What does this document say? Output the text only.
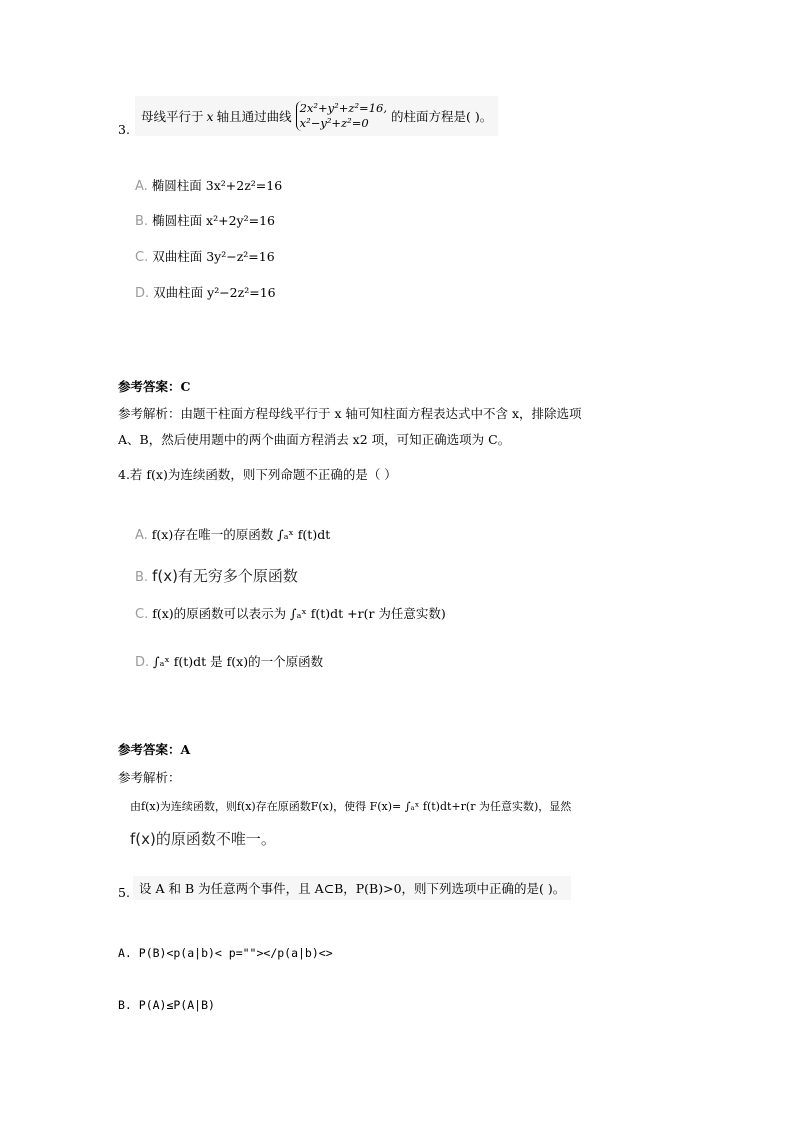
3.
母线平行于 x 轴且通过曲线
2x²+y²+z²=16,
x²−y²+z²=0	的柱面方程是( )。
A. 椭圆柱面 3x²+2z²=16
B. 椭圆柱面 x²+2y²=16
C. 双曲柱面 3y²−z²=16
D. 双曲柱面 y²−2z²=16
参考答案：C
参考解析：由题干柱面方程母线平行于 x 轴可知柱面方程表达式中不含 x，排除选项
A、B，然后使用题中的两个曲面方程消去 x2 项，可知正确选项为 C。
4.若 f(x)为连续函数，则下列命题不正确的是（ ）
A. f(x)存在唯一的原函数 ∫ₐˣ f(t)dt
B. f(x)有无穷多个原函数
C. f(x)的原函数可以表示为 ∫ₐˣ f(t)dt +r(r 为任意实数)
D. ∫ₐˣ f(t)dt 是 f(x)的一个原函数
参考答案：A
参考解析：
由f(x)为连续函数，则f(x)存在原函数F(x)，使得 F(x)= ∫ₐˣ f(t)dt+r(r 为任意实数)，显然
f(x)的原函数不唯一。
5. 设 A 和 B 为任意两个事件，且 A⊂B，P(B)>0，则下列选项中正确的是( )。
A. P(B)<p(a|b)< p=""></p(a|b)<>
B. P(A)≤P(A|B)
